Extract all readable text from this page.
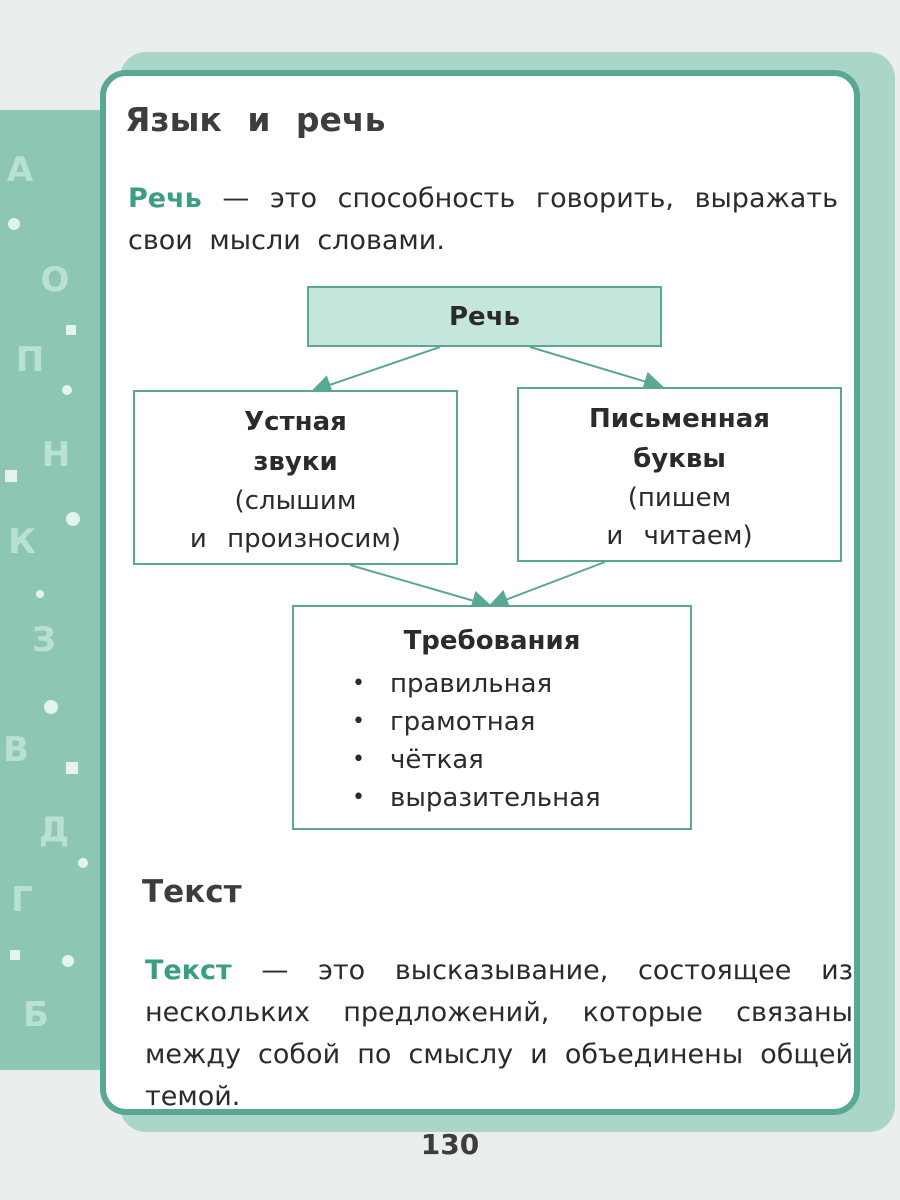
А
О
П
Н
К
З
В
Д
Г
Б
Язык и речь

Речь — это способность говорить, выражать свои мысли словами.

Речь
Устная
звуки
(слышим
и произносим)
Письменная
буквы
(пишем
и читаем)
Требования
• правильная
• грамотная
• чёткая
• выразительная
Текст

Текст — это высказывание, состоящее из нескольких предложений, которые связаны между собой по смыслу и объединены общей темой.

130
